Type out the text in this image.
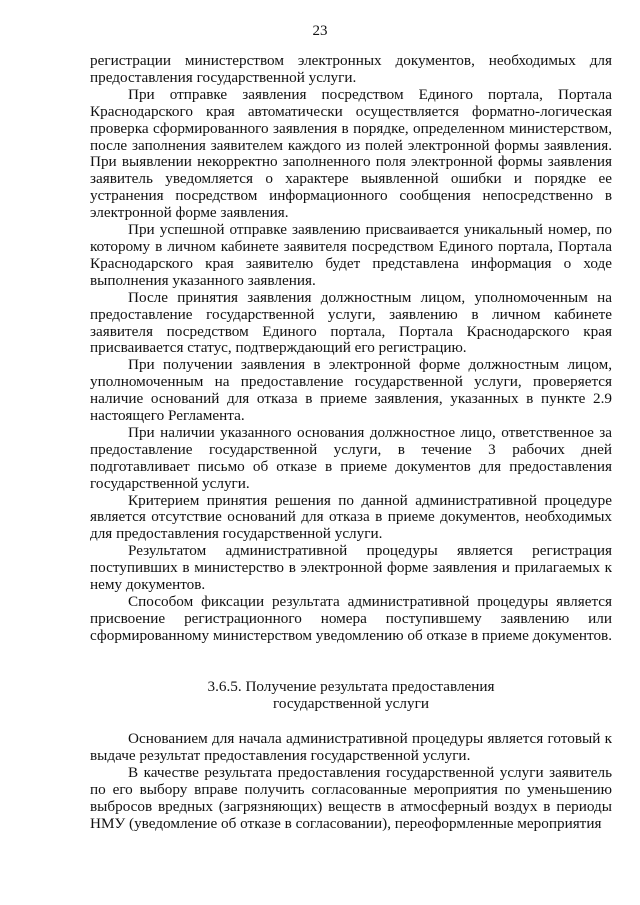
23

регистрации министерством электронных документов, необходимых для предоставления государственной услуги.

При отправке заявления посредством Единого портала, Портала Краснодарского края автоматически осуществляется форматно-логическая проверка сформированного заявления в порядке, определенном министерством, после заполнения заявителем каждого из полей электронной формы заявления. При выявлении некорректно заполненного поля электронной формы заявления заявитель уведомляется о характере выявленной ошибки и порядке ее устранения посредством информационного сообщения непосредственно в электронной форме заявления.

При успешной отправке заявлению присваивается уникальный номер, по которому в личном кабинете заявителя посредством Единого портала, Портала Краснодарского края заявителю будет представлена информация о ходе выполнения указанного заявления.

После принятия заявления должностным лицом, уполномоченным на предоставление государственной услуги, заявлению в личном кабинете заявителя посредством Единого портала, Портала Краснодарского края присваивается статус, подтверждающий его регистрацию.

При получении заявления в электронной форме должностным лицом, уполномоченным на предоставление государственной услуги, проверяется наличие оснований для отказа в приеме заявления, указанных в пункте 2.9 настоящего Регламента.

При наличии указанного основания должностное лицо, ответственное за предоставление государственной услуги, в течение 3 рабочих дней подготавливает письмо об отказе в приеме документов для предоставления государственной услуги.

Критерием принятия решения по данной административной процедуре является отсутствие оснований для отказа в приеме документов, необходимых для предоставления государственной услуги.

Результатом административной процедуры является регистрация поступивших в министерство в электронной форме заявления и прилагаемых к нему документов.

Способом фиксации результата административной процедуры является присвоение регистрационного номера поступившему заявлению или сформированному министерством уведомлению об отказе в приеме документов.

3.6.5. Получение результата предоставления
государственной услуги

Основанием для начала административной процедуры является готовый к выдаче результат предоставления государственной услуги.

В качестве результата предоставления государственной услуги заявитель по его выбору вправе получить согласованные мероприятия по уменьшению выбросов вредных (загрязняющих) веществ в атмосферный воздух в периоды НМУ (уведомление об отказе в согласовании), переоформленные мероприятия
